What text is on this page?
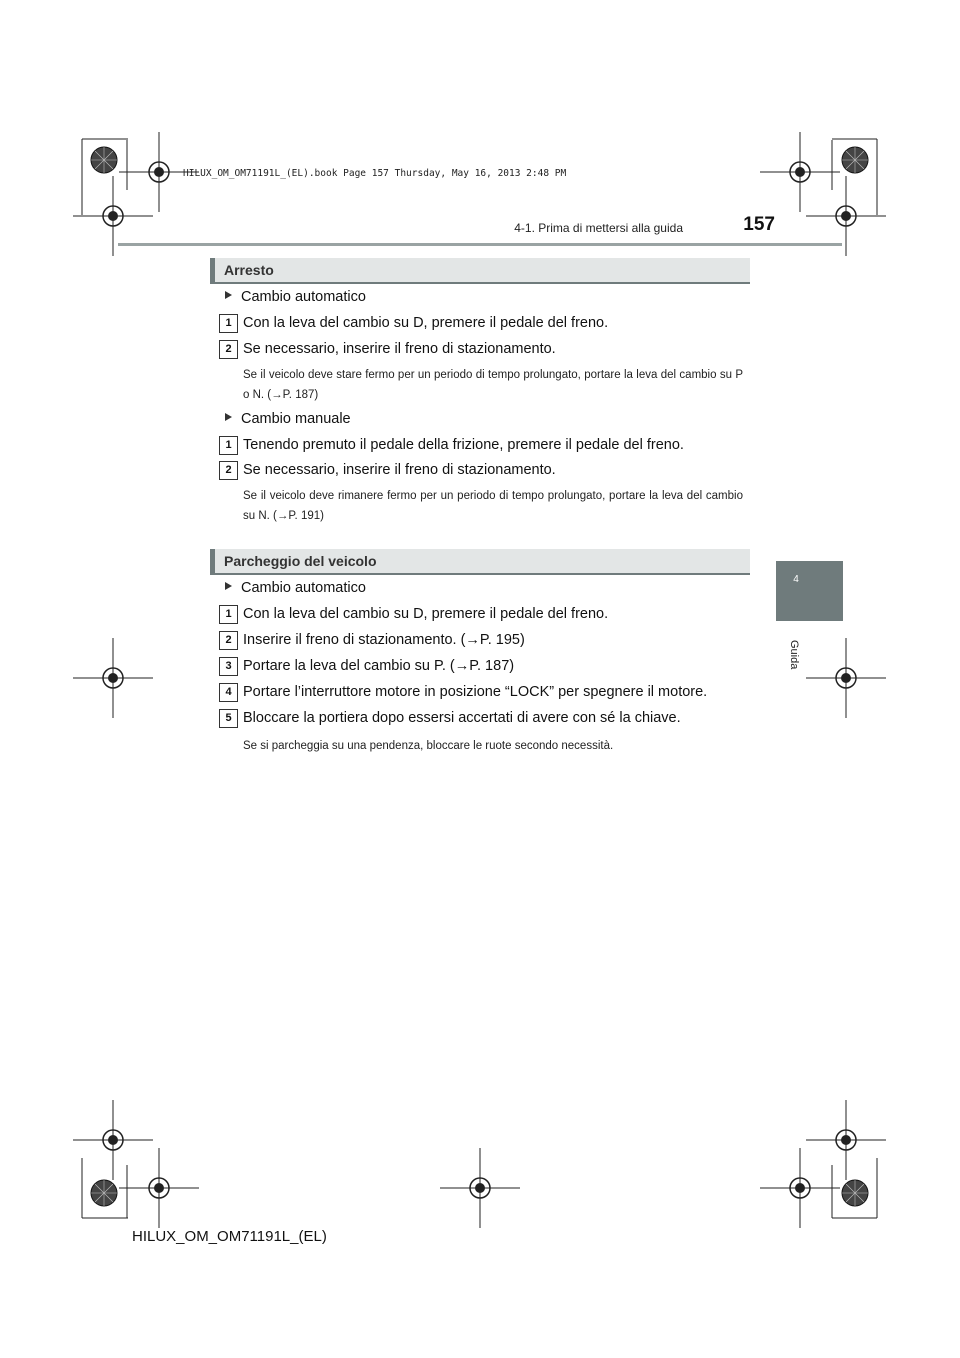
HILUX_OM_OM71191L_(EL).book Page 157 Thursday, May 16, 2013 2:48 PM
4-1. Prima di mettersi alla guida	157
4
Guida
Arresto
Cambio automatico
1 Con la leva del cambio su D, premere il pedale del freno.
2 Se necessario, inserire il freno di stazionamento.
Se il veicolo deve stare fermo per un periodo di tempo prolungato, portare la leva del cambio su P o N. (→P. 187)
Cambio manuale
1 Tenendo premuto il pedale della frizione, premere il pedale del freno.
2 Se necessario, inserire il freno di stazionamento.
Se il veicolo deve rimanere fermo per un periodo di tempo prolungato, portare la leva del cambio su N. (→P. 191)
Parcheggio del veicolo
Cambio automatico
1 Con la leva del cambio su D, premere il pedale del freno.
2 Inserire il freno di stazionamento. (→P. 195)
3 Portare la leva del cambio su P. (→P. 187)
4 Portare l’interruttore motore in posizione “LOCK” per spegnere il motore.
5 Bloccare la portiera dopo essersi accertati di avere con sé la chiave.
Se si parcheggia su una pendenza, bloccare le ruote secondo necessità.
HILUX_OM_OM71191L_(EL)
